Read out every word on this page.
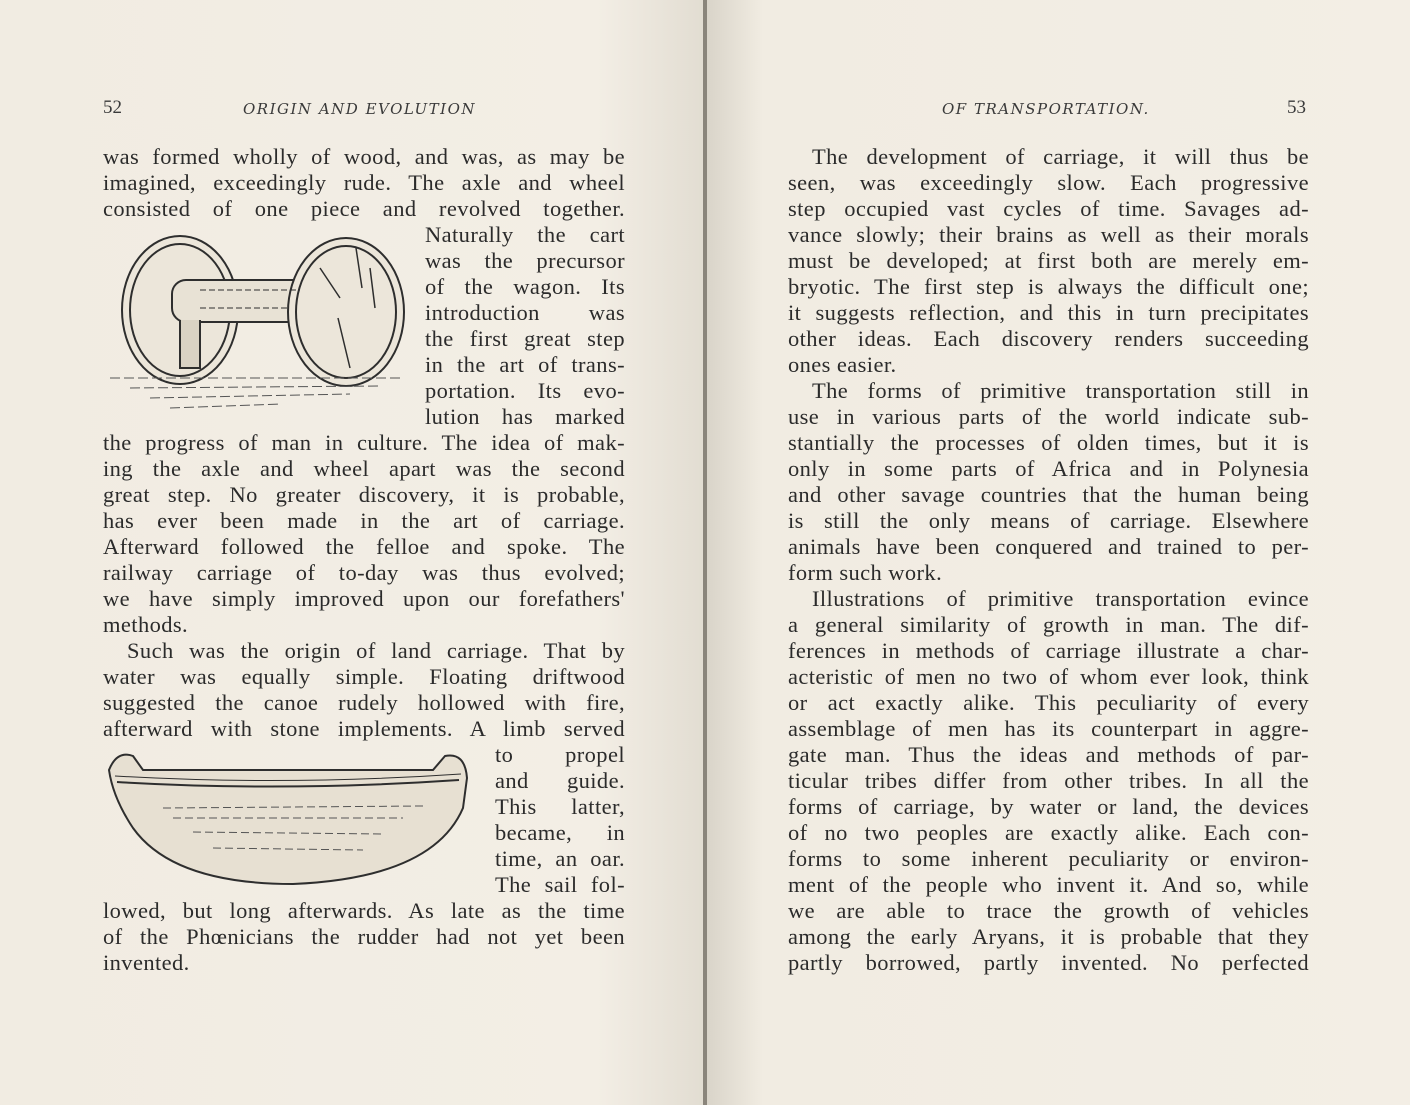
52	ORIGIN AND EVOLUTION
was formed wholly of wood, and was, as may be
imagined, exceedingly rude. The axle and wheel
consisted of one piece and revolved together.
Naturally the cart
was the precursor
of the wagon. Its
introduction was
the first great step
in the art of trans-
portation. Its evo-
lution has marked
the progress of man in culture. The idea of mak-
ing the axle and wheel apart was the second
great step. No greater discovery, it is probable,
has ever been made in the art of carriage.
Afterward followed the felloe and spoke. The
railway carriage of to-day was thus evolved;
we have simply improved upon our forefathers'
methods.
Such was the origin of land carriage. That by
water was equally simple. Floating driftwood
suggested the canoe rudely hollowed with fire,
afterward with stone implements. A limb served
to propel
and guide.
This latter,
became, in
time, an oar.
The sail fol-
lowed, but long afterwards. As late as the time
of the Phœnicians the rudder had not yet been
invented.
OF TRANSPORTATION.	53
The development of carriage, it will thus be
seen, was exceedingly slow. Each progressive
step occupied vast cycles of time. Savages ad-
vance slowly; their brains as well as their morals
must be developed; at first both are merely em-
bryotic. The first step is always the difficult one;
it suggests reflection, and this in turn precipitates
other ideas. Each discovery renders succeeding
ones easier.
The forms of primitive transportation still in
use in various parts of the world indicate sub-
stantially the processes of olden times, but it is
only in some parts of Africa and in Polynesia
and other savage countries that the human being
is still the only means of carriage. Elsewhere
animals have been conquered and trained to per-
form such work.
Illustrations of primitive transportation evince
a general similarity of growth in man. The dif-
ferences in methods of carriage illustrate a char-
acteristic of men no two of whom ever look, think
or act exactly alike. This peculiarity of every
assemblage of men has its counterpart in aggre-
gate man. Thus the ideas and methods of par-
ticular tribes differ from other tribes. In all the
forms of carriage, by water or land, the devices
of no two peoples are exactly alike. Each con-
forms to some inherent peculiarity or environ-
ment of the people who invent it. And so, while
we are able to trace the growth of vehicles
among the early Aryans, it is probable that they
partly borrowed, partly invented. No perfected
